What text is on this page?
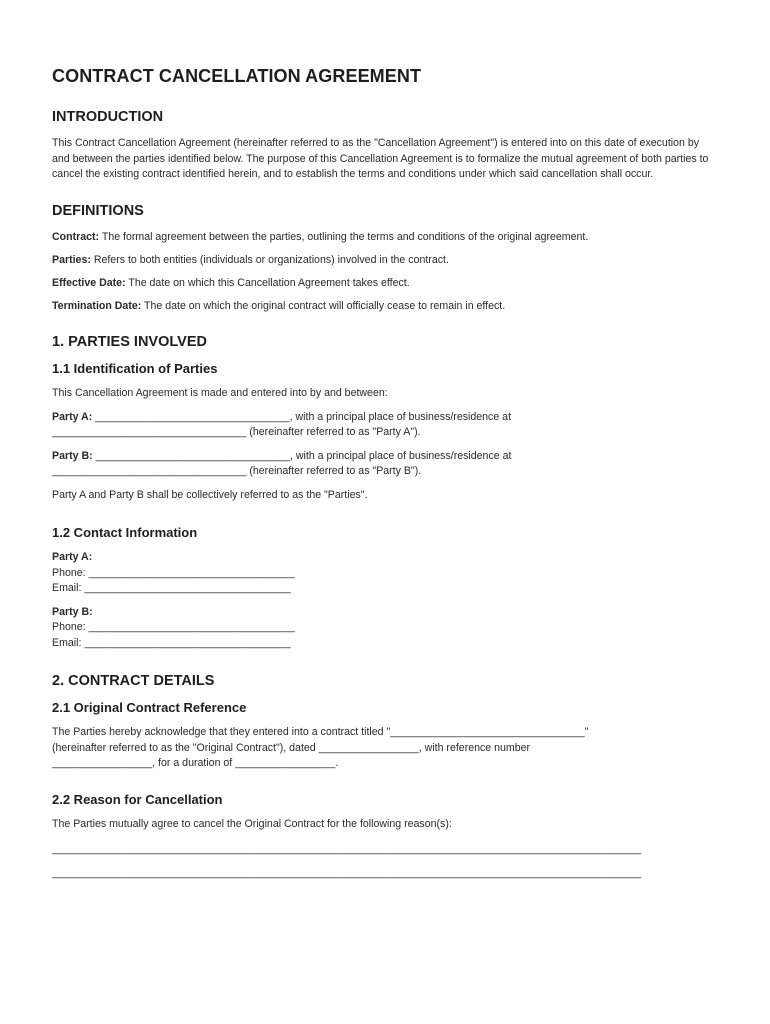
CONTRACT CANCELLATION AGREEMENT
INTRODUCTION

This Contract Cancellation Agreement (hereinafter referred to as the "Cancellation Agreement") is entered into on this date of execution by and between the parties identified below. The purpose of this Cancellation Agreement is to formalize the mutual agreement of both parties to cancel the existing contract identified herein, and to establish the terms and conditions under which said cancellation shall occur.

DEFINITIONS

Contract: The formal agreement between the parties, outlining the terms and conditions of the original agreement.

Parties: Refers to both entities (individuals or organizations) involved in the contract.

Effective Date: The date on which this Cancellation Agreement takes effect.

Termination Date: The date on which the original contract will officially cease to remain in effect.

1. PARTIES INVOLVED
1.1 Identification of Parties

This Cancellation Agreement is made and entered into by and between:

Party A: _________________________________, with a principal place of business/residence at

_________________________________ (hereinafter referred to as "Party A").

Party B: _________________________________, with a principal place of business/residence at

_________________________________ (hereinafter referred to as "Party B").

Party A and Party B shall be collectively referred to as the "Parties".

1.2 Contact Information

Party A:

Phone: ___________________________________

Email: ___________________________________

Party B:

Phone: ___________________________________

Email: ___________________________________

2. CONTRACT DETAILS
2.1 Original Contract Reference

The Parties hereby acknowledge that they entered into a contract titled "_________________________________"

(hereinafter referred to as the "Original Contract"), dated _________________, with reference number

_________________, for a duration of _________________.

2.2 Reason for Cancellation

The Parties mutually agree to cancel the Original Contract for the following reason(s):

____________________________________________________________________________________________________

____________________________________________________________________________________________________
